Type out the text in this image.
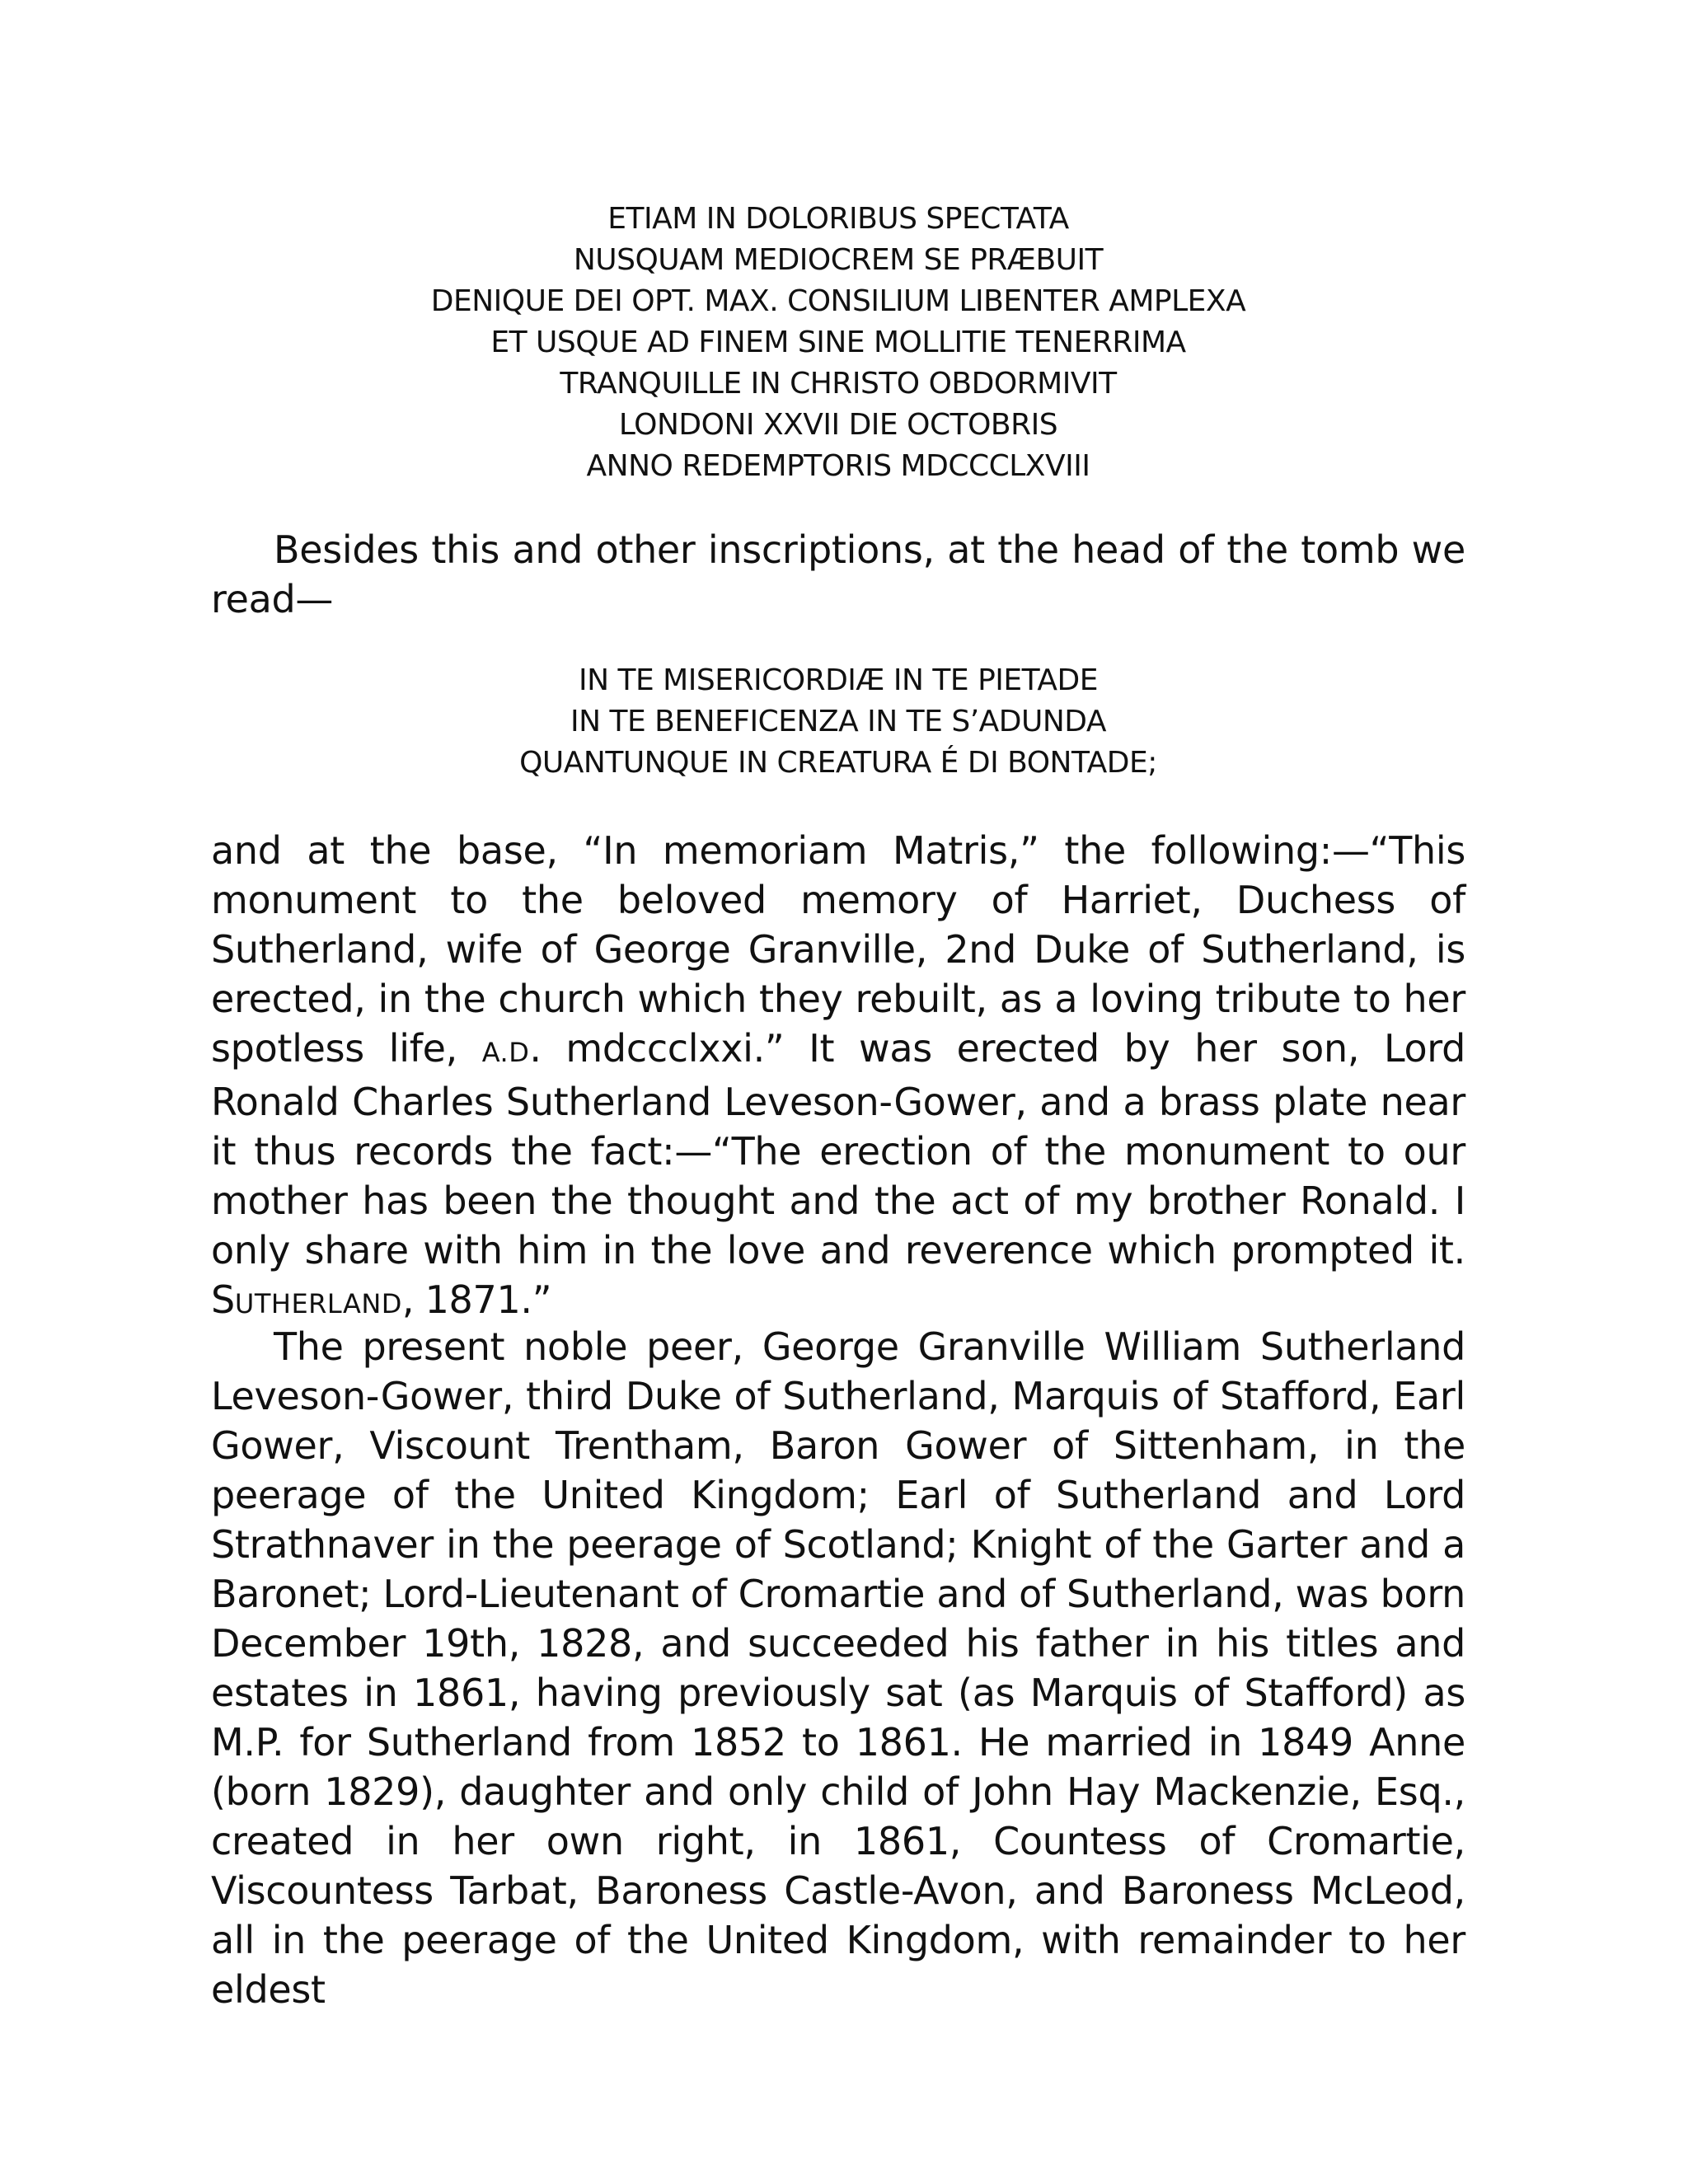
ETIAM IN DOLORIBUS SPECTATA
NUSQUAM MEDIOCREM SE PRÆBUIT
DENIQUE DEI OPT. MAX. CONSILIUM LIBENTER AMPLEXA
ET USQUE AD FINEM SINE MOLLITIE TENERRIMA
TRANQUILLE IN CHRISTO OBDORMIVIT
LONDONI XXVII DIE OCTOBRIS
ANNO REDEMPTORIS MDCCCLXVIII

Besides this and other inscriptions, at the head of the tomb we read—

IN TE MISERICORDIÆ IN TE PIETADE
IN TE BENEFICENZA IN TE S’ADUNDA
QUANTUNQUE IN CREATURA É DI BONTADE;

and at the base, “In memoriam Matris,” the following:—“This monument to the beloved memory of Harriet, Duchess of Sutherland, wife of George Granville, 2nd Duke of Sutherland, is erected, in the church which they rebuilt, as a loving tribute to her spotless life, A.D. mdccclxxi.” It was erected by her son, Lord Ronald Charles Sutherland Leveson-Gower, and a brass plate near it thus records the fact:—“The erection of the monument to our mother has been the thought and the act of my brother Ronald. I only share with him in the love and reverence which prompted it. SUTHERLAND, 1871.”

The present noble peer, George Granville William Sutherland Leveson-Gower, third Duke of Sutherland, Marquis of Stafford, Earl Gower, Viscount Trentham, Baron Gower of Sittenham, in the peerage of the United Kingdom; Earl of Sutherland and Lord Strathnaver in the peerage of Scotland; Knight of the Garter and a Baronet; Lord-Lieutenant of Cromartie and of Sutherland, was born December 19th, 1828, and succeeded his father in his titles and estates in 1861, having previously sat (as Marquis of Stafford) as M.P. for Sutherland from 1852 to 1861. He married in 1849 Anne (born 1829), daughter and only child of John Hay Mackenzie, Esq., created in her own right, in 1861, Countess of Cromartie, Viscountess Tarbat, Baroness Castle-Avon, and Baroness McLeod, all in the peerage of the United Kingdom, with remainder to her eldest
